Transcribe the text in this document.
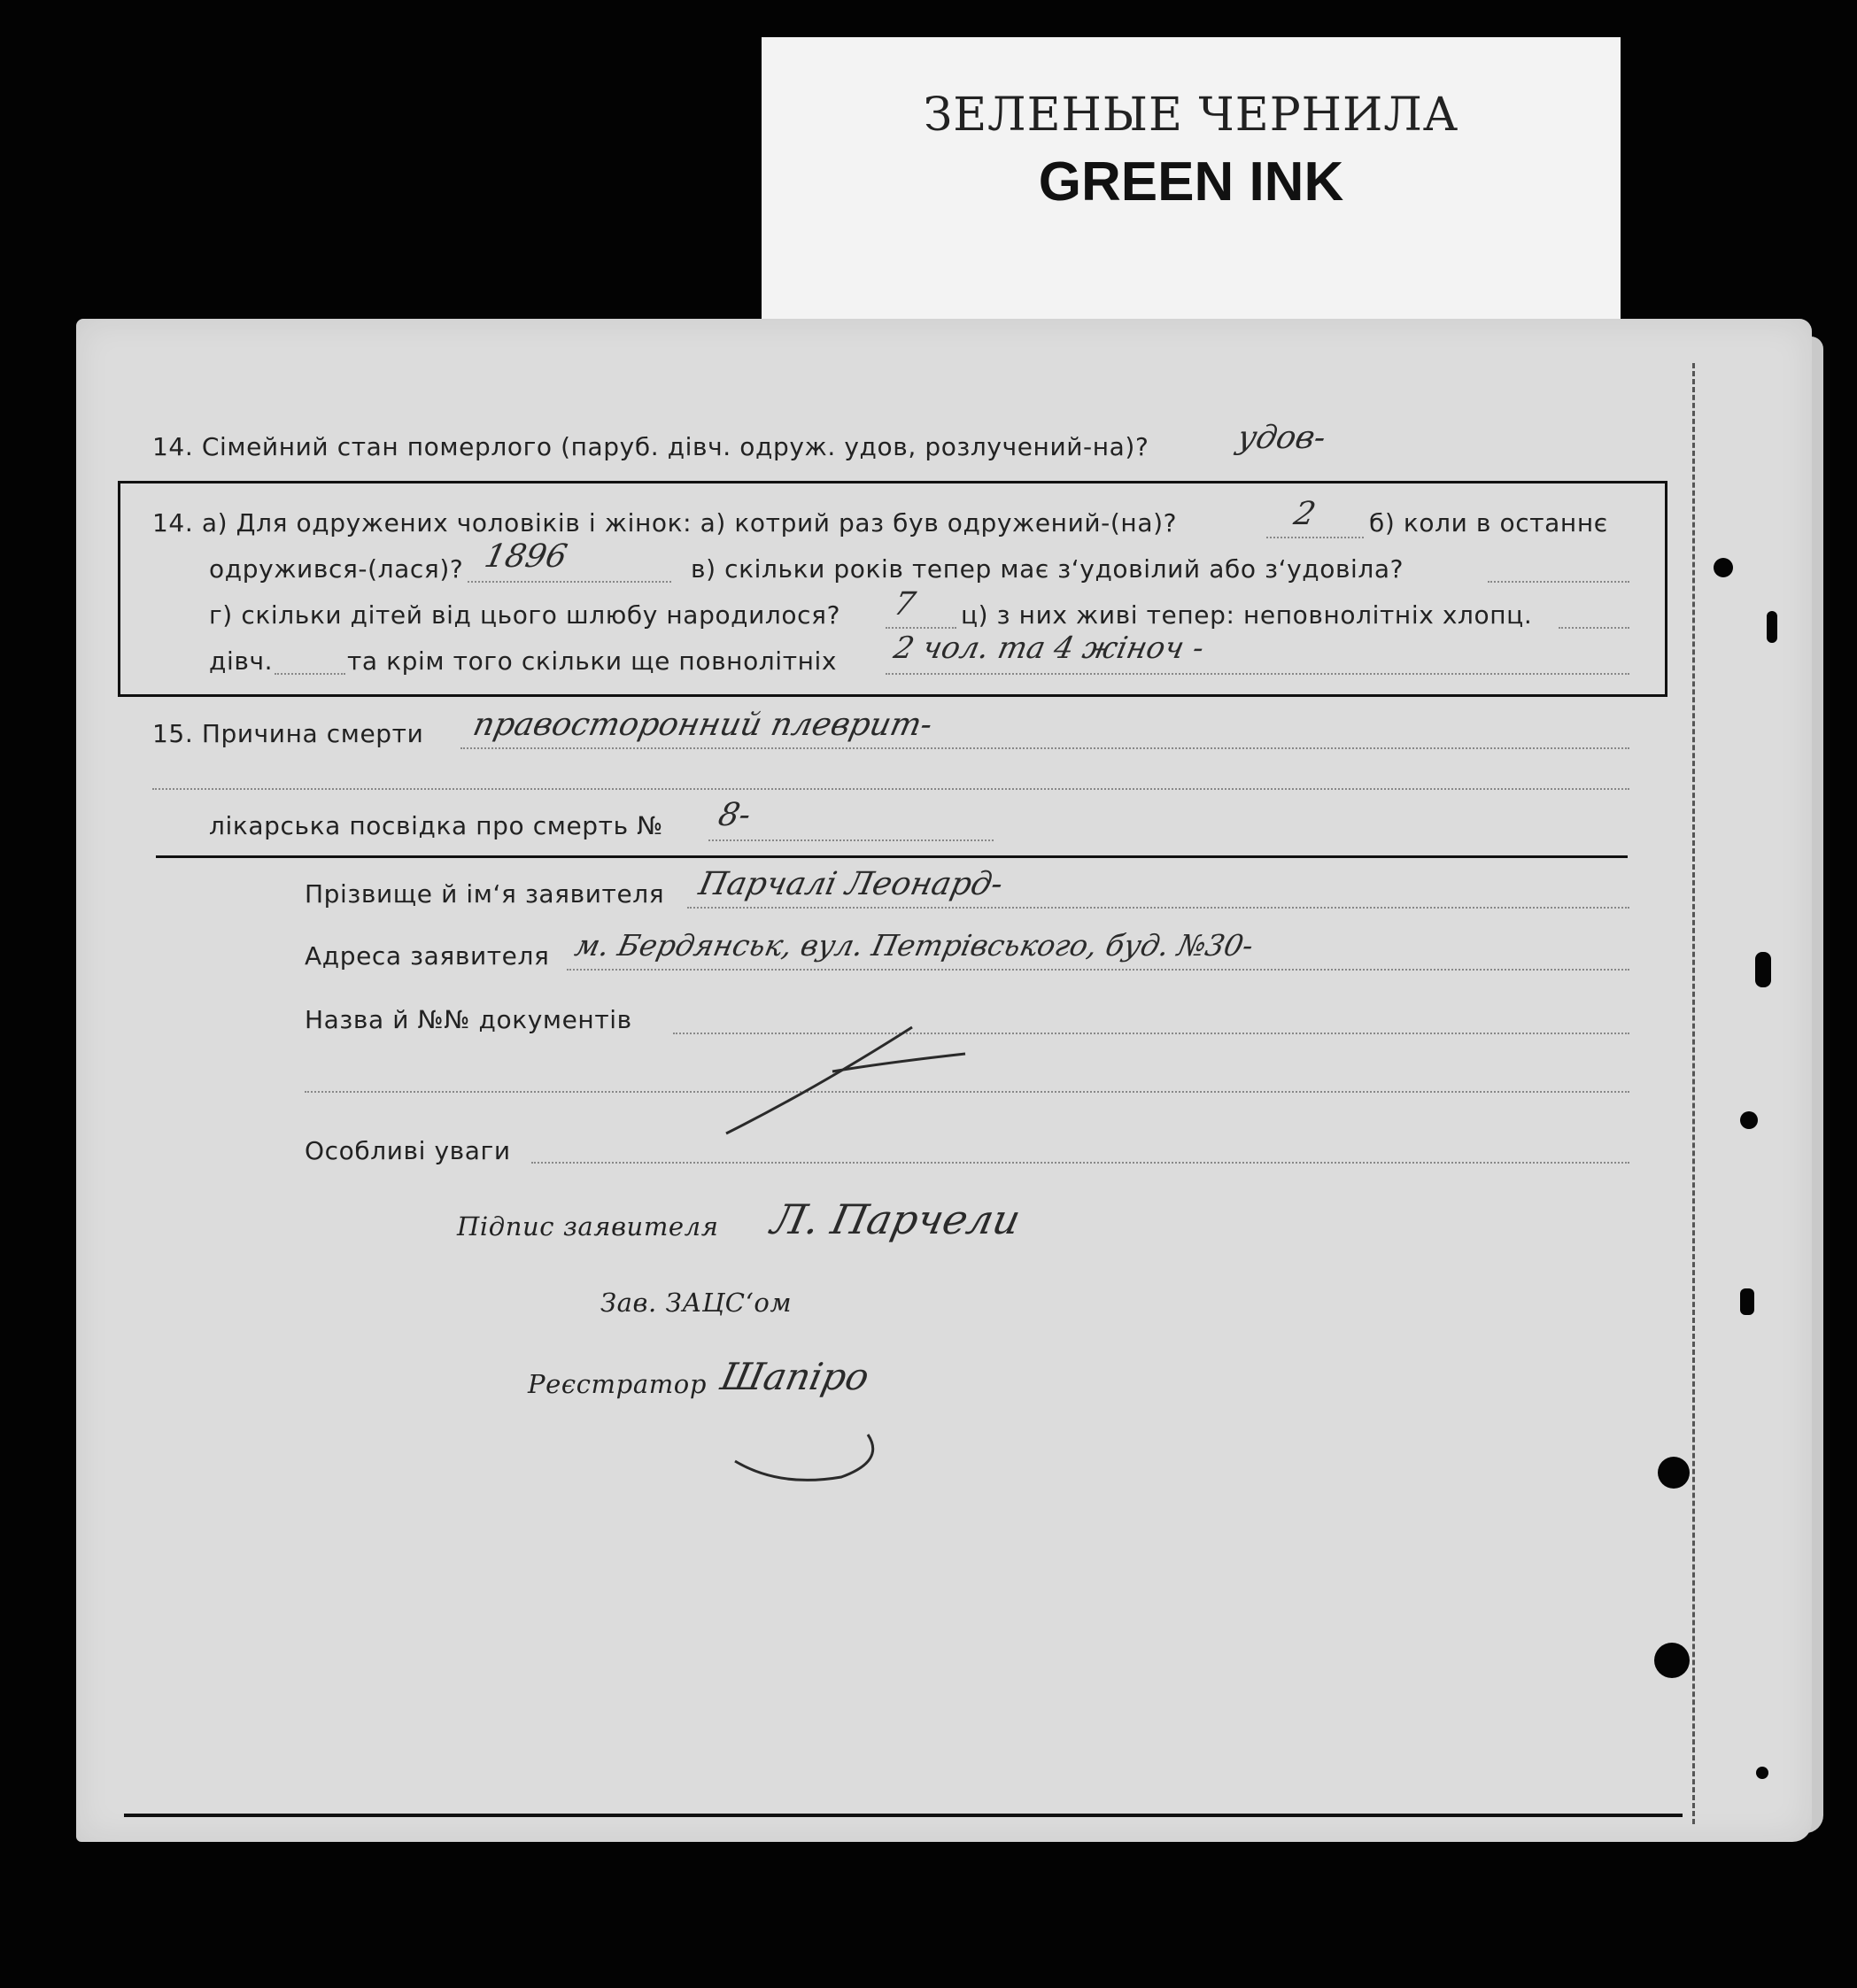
ЗЕЛЕНЫЕ ЧЕРНИЛА
GREEN INK
14. Сімейний стан померлого (паруб. дівч. одруж. удов, розлучений-на)?	удов-
14. а) Для одружених чоловіків і жінок: а) котрий раз був одружений-(на)?	2 б) коли в останнє
одружився-(лася)? 1896	в) скільки років тепер має з‘удовілий або з‘удовіла?
г) скільки дітей від цього шлюбу народилося? 7 ц) з них живі тепер: неповнолітніх хлопц.
дівч.	та крім того скільки ще повнолітніх 2 чол. та 4 жіноч -
15. Причина смерти правосторонний плеврит-
лікарська посвідка про смерть № 8-
Прізвище й ім‘я заявителя Парчалі Леонард-
Адреса заявителя м. Бердянськ, вул. Петрівського, буд. №30-
Назва й №№ документів
Особливі уваги
Підпис заявителя Л. Парчели
Зав. ЗАЦС‘ом
Реєстратор Шапіро
